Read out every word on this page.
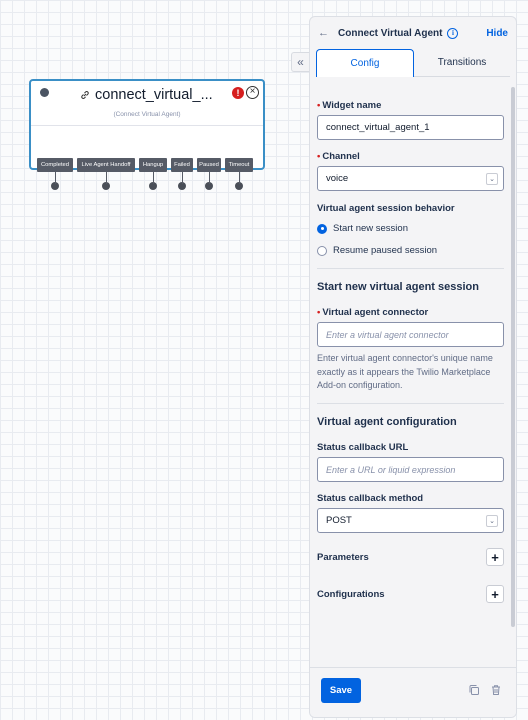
connect_virtual_...	!	×
(Connect Virtual Agent)
Completed Live Agent Handoff Hangup Failed Paused Timeout
«
← Connect Virtual Agent	i	Hide
Config	Transitions
• Widget name
connect_virtual_agent_1
• Channel
voice	⌄
Virtual agent session behavior
Start new session
Resume paused session
Start new virtual agent session
• Virtual agent connector
Enter a virtual agent connector
Enter virtual agent connector's unique name exactly as it appears the Twilio Marketplace Add-on configuration.
Virtual agent configuration
Status callback URL
Enter a URL or liquid expression
Status callback method
POST	⌄
Parameters	+
Configurations	+
Save
